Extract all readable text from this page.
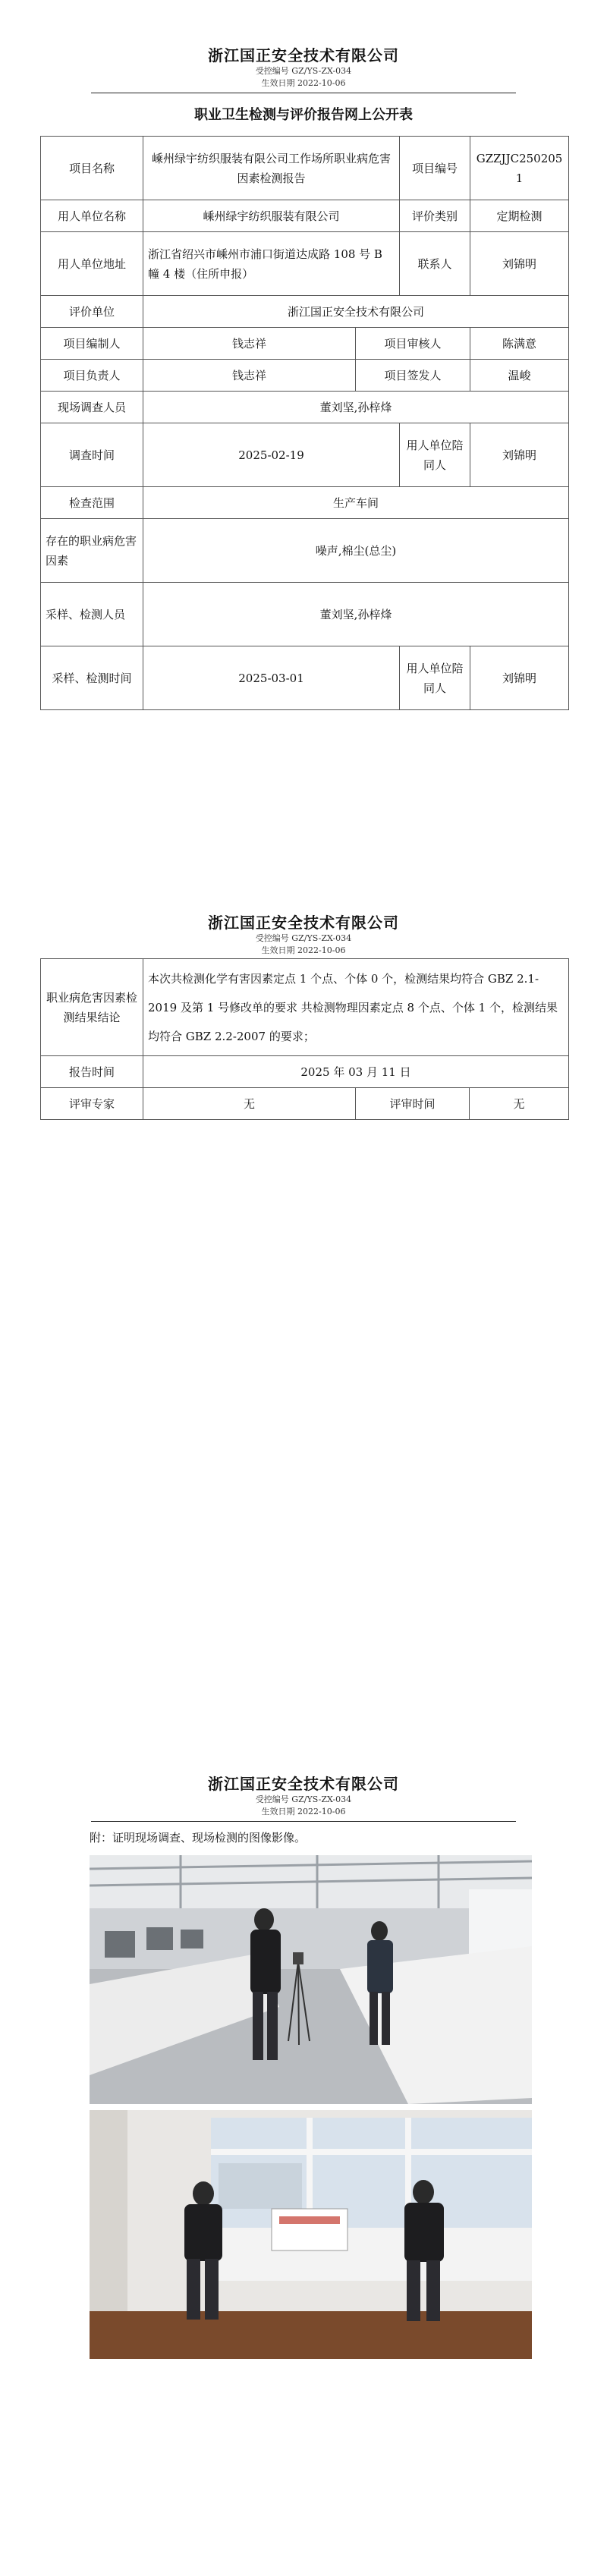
浙江国正安全技术有限公司
受控编号 GZ/YS-ZX-034
生效日期 2022-10-06
职业卫生检测与评价报告网上公开表
项目名称	嵊州绿宇纺织服装有限公司工作场所职业病危害因素检测报告		项目编号	GZZJJC2502051
用人单位名称	嵊州绿宇纺织服装有限公司		评价类别	定期检测
用人单位地址	浙江省绍兴市嵊州市浦口街道达成路 108 号 B 幢 4 楼（住所申报）		联系人	刘锦明
评价单位	浙江国正安全技术有限公司			
项目编制人	钱志祥	项目审核人		陈满意
项目负责人	钱志祥	项目签发人		温峻
现场调查人员	董刘坚,孙梓烽			
调查时间	2025-02-19		用人单位陪同人	刘锦明
检查范围	生产车间			
存在的职业病危害因素	噪声,棉尘(总尘)			
采样、检测人员	董刘坚,孙梓烽			
采样、检测时间	2025-03-01		用人单位陪同人	刘锦明
浙江国正安全技术有限公司
受控编号 GZ/YS-ZX-034
生效日期 2022-10-06
职业病危害因素检测结果结论	本次共检测化学有害因素定点 1 个点、个体 0 个，检测结果均符合 GBZ 2.1-2019 及第 1 号修改单的要求 共检测物理因素定点 8 个点、个体 1 个，检测结果均符合 GBZ 2.2-2007 的要求；		
报告时间	2025 年 03 月 11 日		
评审专家	无	评审时间	无
浙江国正安全技术有限公司
受控编号 GZ/YS-ZX-034
生效日期 2022-10-06
附：证明现场调查、现场检测的图像影像。
